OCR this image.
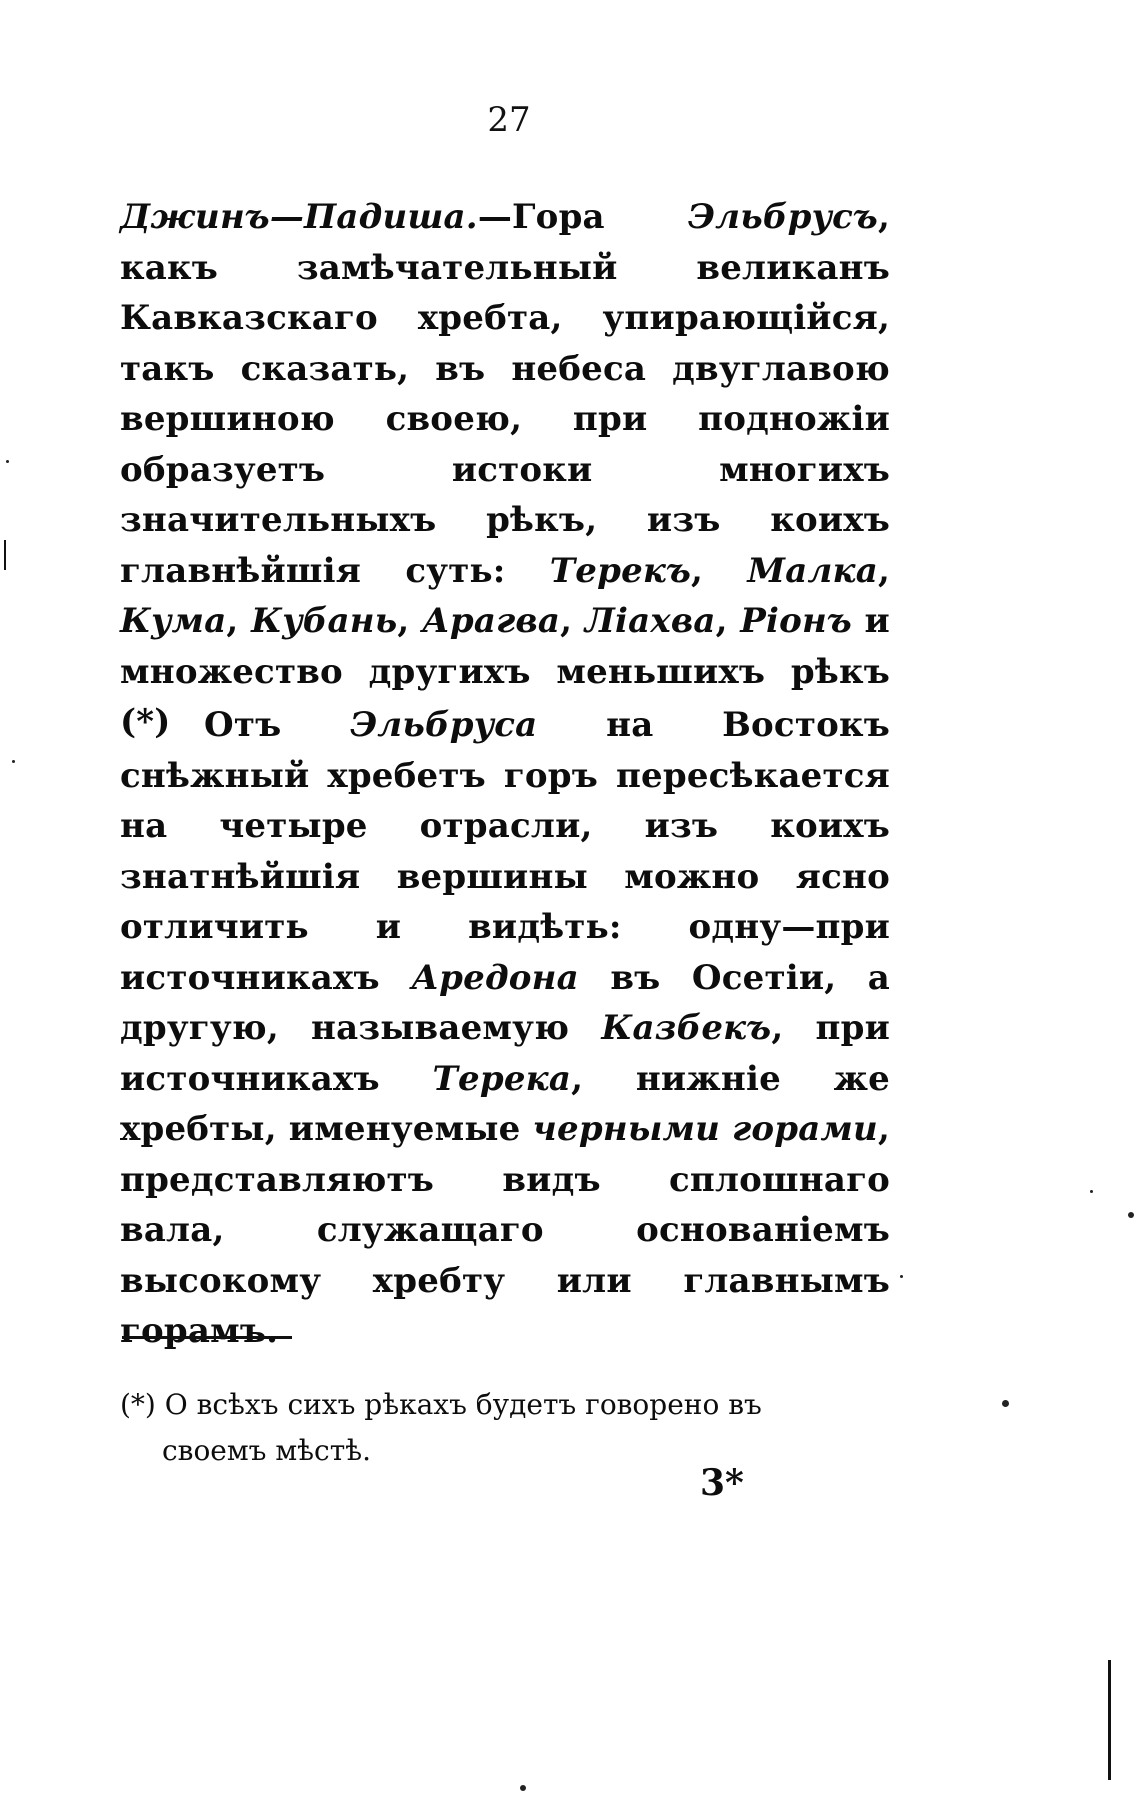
27

Джинъ—Падиша.—Гора Эльбрусъ, какъ замѣчательный великанъ Кавказскаго хребта, упирающійся, такъ сказать, въ небеса двуглавою вершиною своею, при подножіи образуетъ истоки многихъ значительныхъ рѣкъ, изъ коихъ главнѣйшія суть: Терекъ, Малка, Кума, Кубань, Арагва, Ліахва, Ріонъ и множество другихъ меньшихъ рѣкъ (*) Отъ Эльбруса на Востокъ снѣжный хребетъ горъ пересѣкается на четыре отрасли, изъ коихъ знатнѣйшія вершины можно ясно отличить и видѣть: одну—при источникахъ Аредона въ Осетіи, а другую, называемую Казбекъ, при источникахъ Терека, нижніе же хребты, именуемые черными горами, представляютъ видъ сплошнаго вала, служащаго основаніемъ высокому хребту или главнымъ горамъ.

(*) О всѣхъ сихъ рѣкахъ будетъ говорено въ
своемъ мѣстѣ.

3*
